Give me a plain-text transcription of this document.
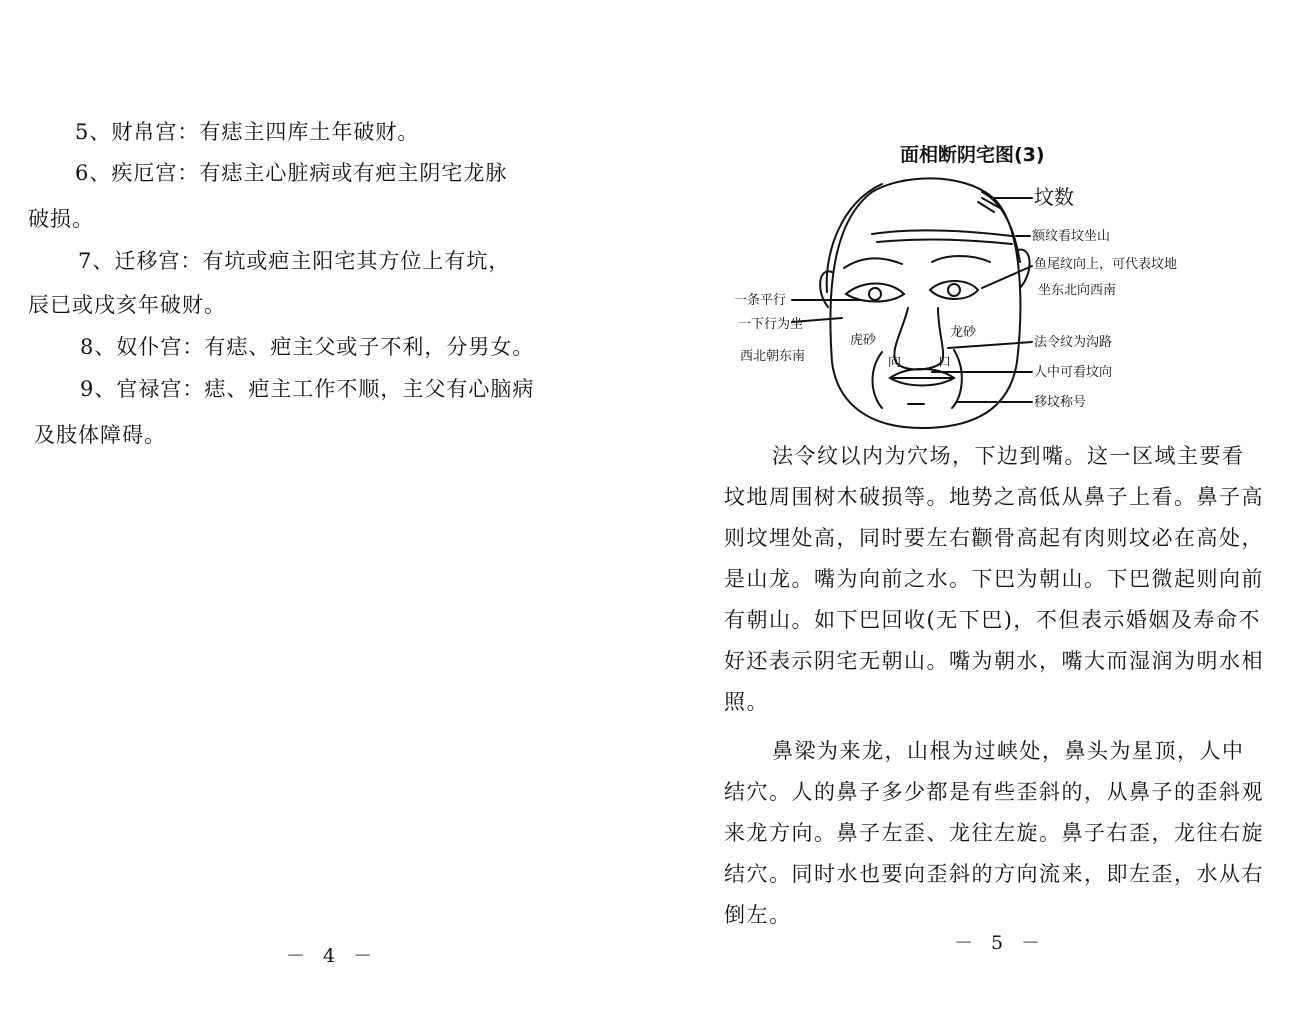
5、财帛宫：有痣主四库土年破财。

6、疾厄宫：有痣主心脏病或有疤主阴宅龙脉

破损。

7、迁移宫：有坑或疤主阳宅其方位上有坑，

辰已或戌亥年破财。

8、奴仆宫：有痣、疤主父或子不利，分男女。

9、官禄宫：痣、疤主工作不顺，主父有心脑病

及肢体障碍。

－ 4 －
面相断阴宅图(3)
坟数
额纹看坟坐山
鱼尾纹向上，可代表坟地
坐东北向西南
法令纹为沟路
人中可看坟向
移坟称号
一条平行
一下行为坐
西北朝东南
虎砂
龙砂
向	口

法令纹以内为穴场，下边到嘴。这一区域主要看坟地周围树木破损等。地势之高低从鼻子上看。鼻子高则坟埋处高，同时要左右颧骨高起有肉则坟必在高处，是山龙。嘴为向前之水。下巴为朝山。下巴微起则向前有朝山。如下巴回收(无下巴)，不但表示婚姻及寿命不好还表示阴宅无朝山。嘴为朝水，嘴大而湿润为明水相照。

鼻梁为来龙，山根为过峡处，鼻头为星顶，人中结穴。人的鼻子多少都是有些歪斜的，从鼻子的歪斜观来龙方向。鼻子左歪、龙往左旋。鼻子右歪，龙往右旋结穴。同时水也要向歪斜的方向流来，即左歪，水从右倒左。

－ 5 －
